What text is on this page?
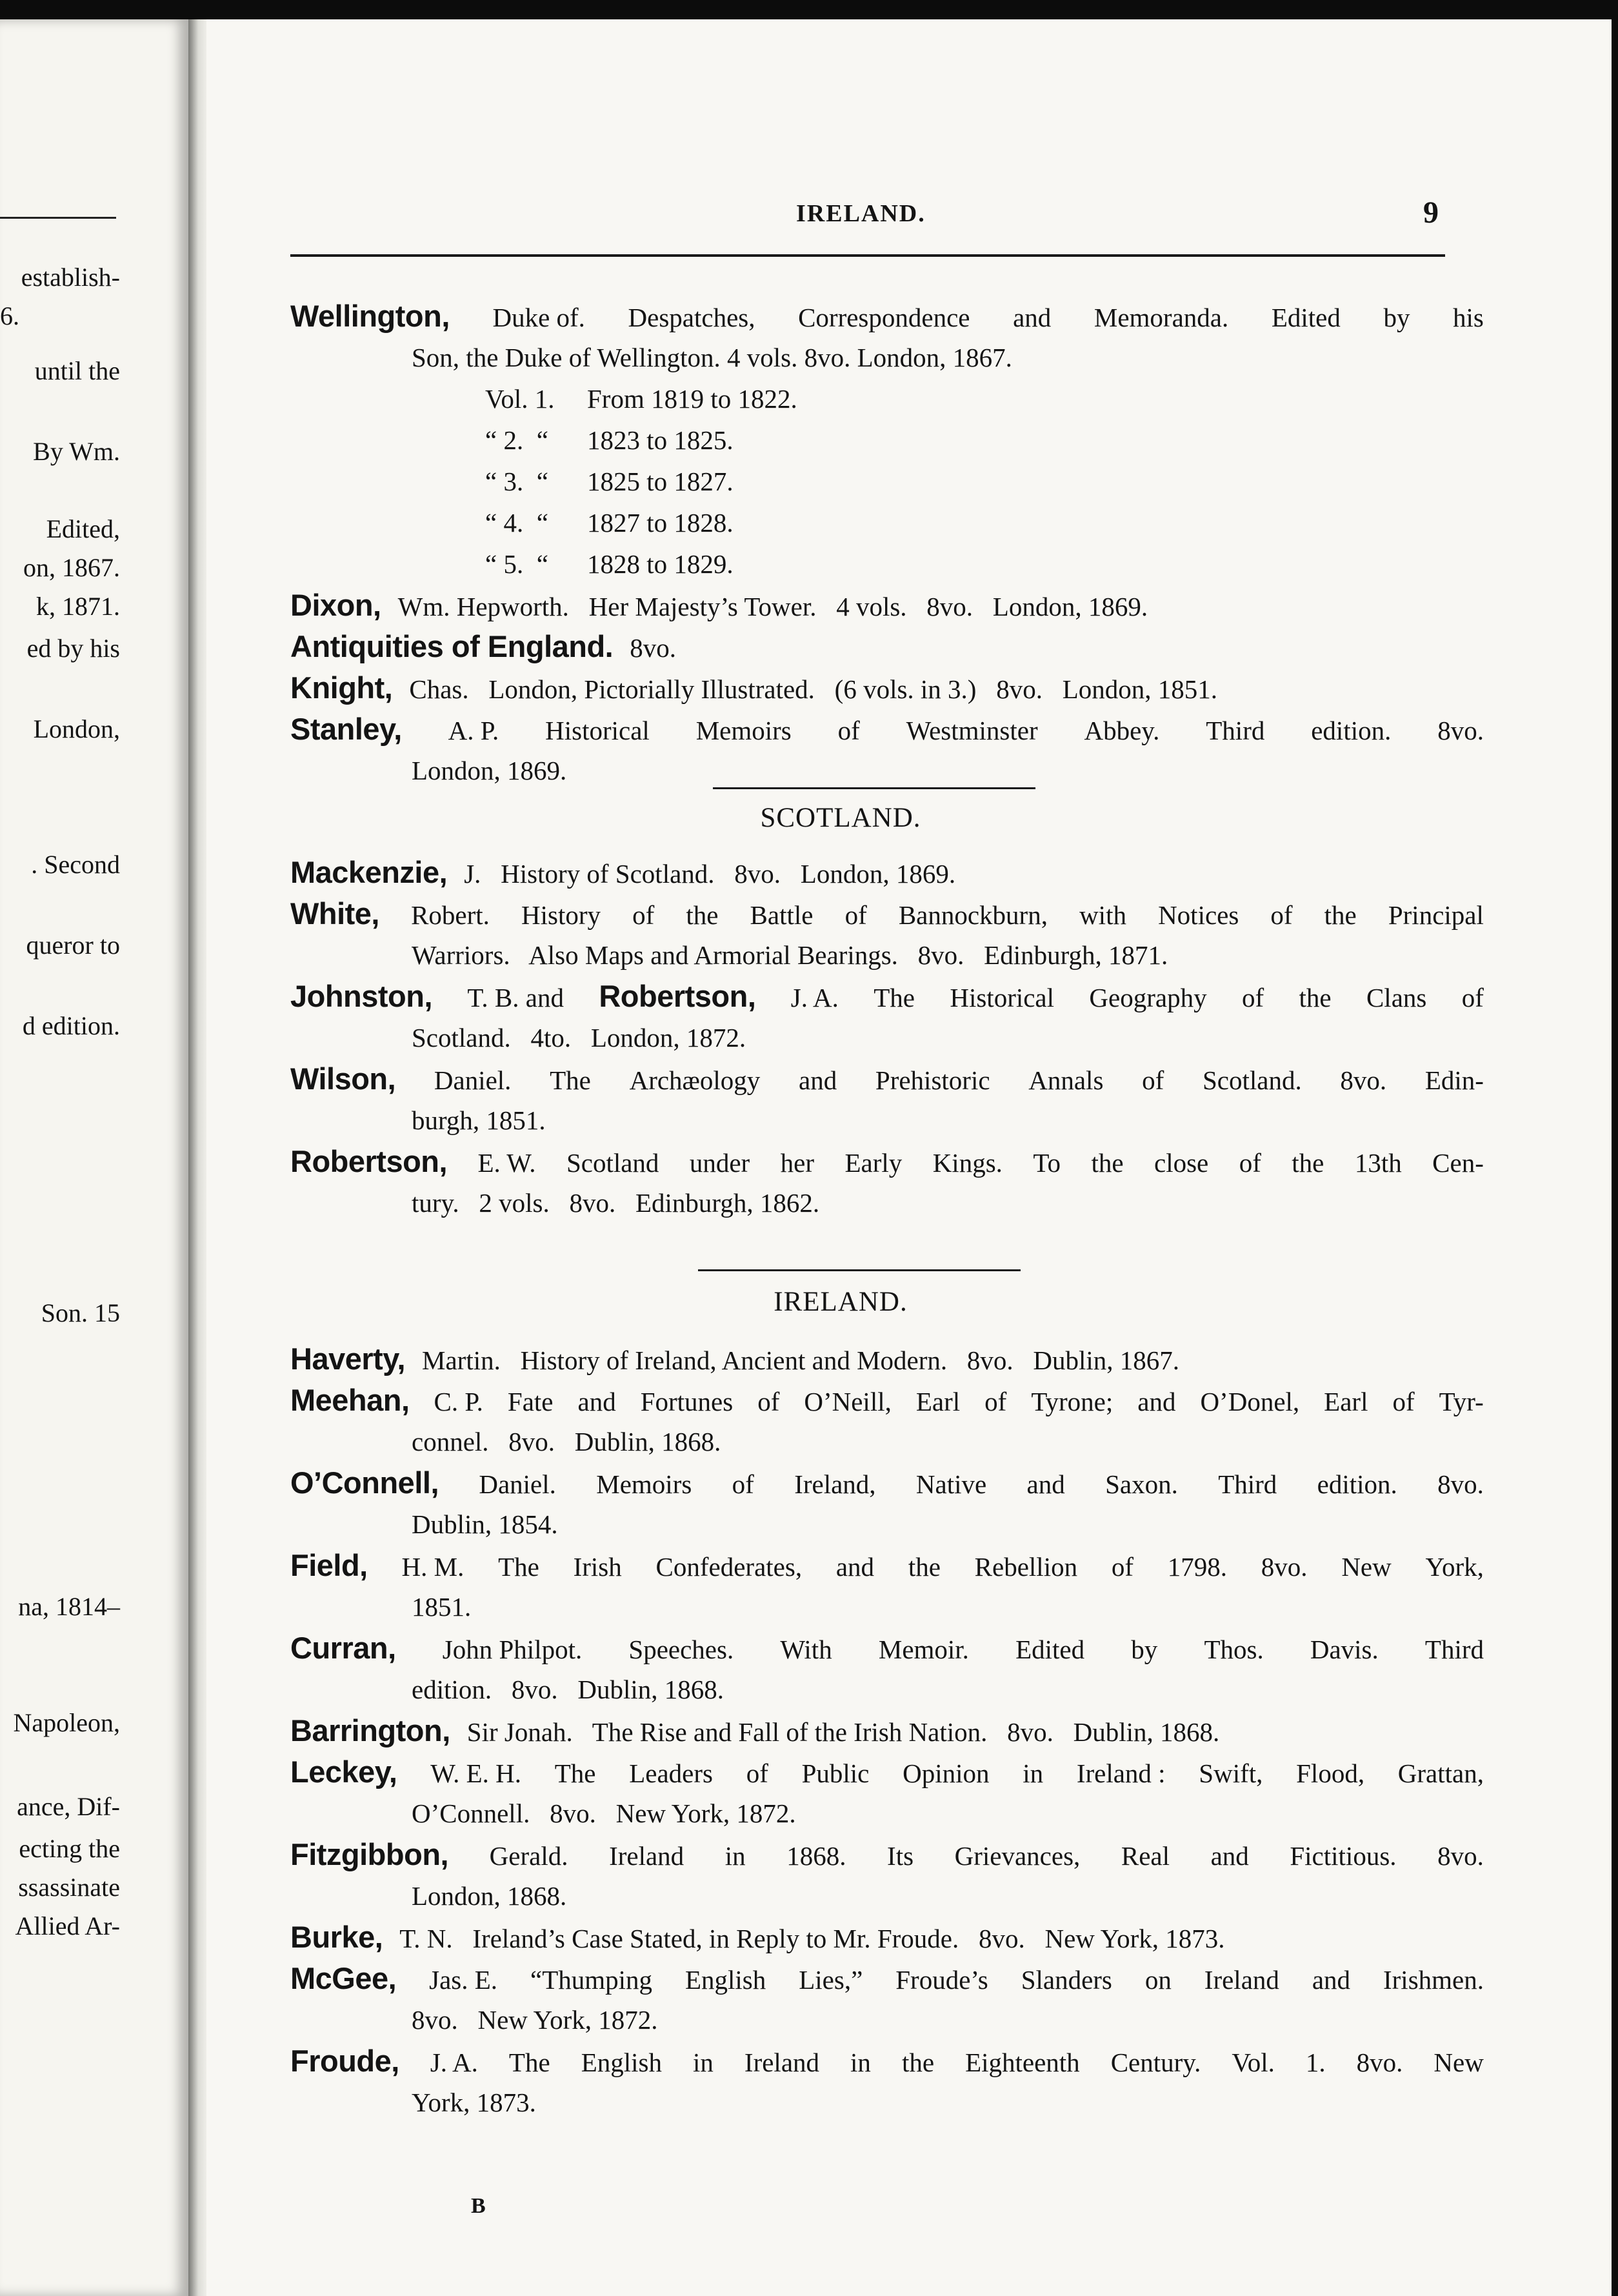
establish-
6.
until the
By Wm.
Edited,
on, 1867.
k, 1871.
ed by his
London,
. Second
queror to
d edition.
Son. 15
na, 1814–
Napoleon,
ance, Dif-
ecting the
ssassinate
Allied Ar-
IRELAND.	9
Wellington, Duke of. Despatches, Correspondence and Memoranda. Edited by his
Son, the Duke of Wellington. 4 vols. 8vo. London, 1867.
Vol. 1.	From 1819 to 1822.
“ 2.  “	1823 to 1825.
“ 3.  “	1825 to 1827.
“ 4.  “	1827 to 1828.
“ 5.  “	1828 to 1829.
Dixon, Wm. Hepworth.   Her Majesty’s Tower.   4 vols.   8vo.   London, 1869.
Antiquities of England. 8vo.
Knight, Chas.   London, Pictorially Illustrated.   (6 vols. in 3.)   8vo.   London, 1851.
Stanley, A. P. Historical Memoirs of Westminster Abbey. Third edition. 8vo.
London, 1869.
SCOTLAND.
Mackenzie, J.   History of Scotland.   8vo.   London, 1869.
White, Robert. History of the Battle of Bannockburn, with Notices of the Principal
Warriors.   Also Maps and Armorial Bearings.   8vo.   Edinburgh, 1871.
Johnston, T. B. and Robertson, J. A. The Historical Geography of the Clans of
Scotland.   4to.   London, 1872.
Wilson, Daniel. The Archæology and Prehistoric Annals of Scotland. 8vo. Edin-
burgh, 1851.
Robertson, E. W. Scotland under her Early Kings. To the close of the 13th Cen-
tury.   2 vols.   8vo.   Edinburgh, 1862.
IRELAND.
Haverty, Martin.   History of Ireland, Ancient and Modern.   8vo.   Dublin, 1867.
Meehan, C. P. Fate and Fortunes of O’Neill, Earl of Tyrone; and O’Donel, Earl of Tyr-
connel.   8vo.   Dublin, 1868.
O’Connell, Daniel. Memoirs of Ireland, Native and Saxon. Third edition. 8vo.
Dublin, 1854.
Field, H. M. The Irish Confederates, and the Rebellion of 1798. 8vo. New York,
1851.
Curran, John Philpot. Speeches. With Memoir. Edited by Thos. Davis. Third
edition.   8vo.   Dublin, 1868.
Barrington, Sir Jonah.   The Rise and Fall of the Irish Nation.   8vo.   Dublin, 1868.
Leckey, W. E. H. The Leaders of Public Opinion in Ireland : Swift, Flood, Grattan,
O’Connell.   8vo.   New York, 1872.
Fitzgibbon, Gerald. Ireland in 1868. Its Grievances, Real and Fictitious. 8vo.
London, 1868.
Burke, T. N.   Ireland’s Case Stated, in Reply to Mr. Froude.   8vo.   New York, 1873.
McGee, Jas. E. “Thumping English Lies,” Froude’s Slanders on Ireland and Irishmen.
8vo.   New York, 1872.
Froude, J. A. The English in Ireland in the Eighteenth Century. Vol. 1. 8vo. New
York, 1873.
B
